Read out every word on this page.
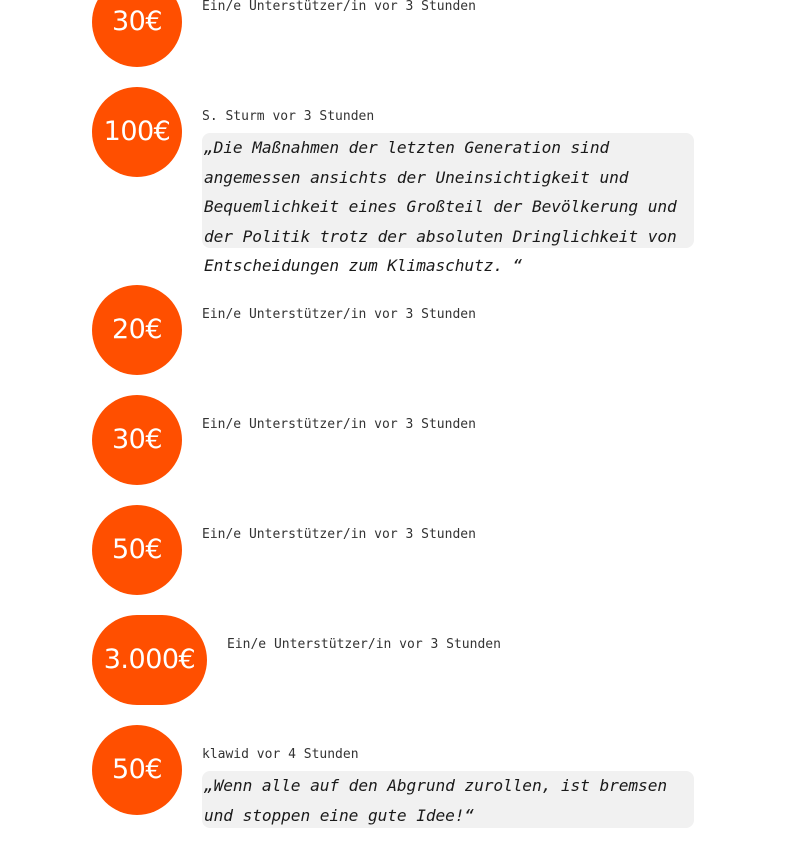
30€	Ein/e Unterstützer/in vor 3 Stunden
100€	S. Sturm vor 3 Stunden
„Die Maßnahmen der letzten Generation sind angemessen ansichts der Uneinsichtigkeit und Bequemlichkeit eines Großteil der Bevölkerung und der Politik trotz der absoluten Dringlichkeit von Entscheidungen zum Klimaschutz. “
20€	Ein/e Unterstützer/in vor 3 Stunden
30€	Ein/e Unterstützer/in vor 3 Stunden
50€	Ein/e Unterstützer/in vor 3 Stunden
3.000€	Ein/e Unterstützer/in vor 3 Stunden
50€	klawid vor 4 Stunden
„Wenn alle auf den Abgrund zurollen, ist bremsen und stoppen eine gute Idee!“
